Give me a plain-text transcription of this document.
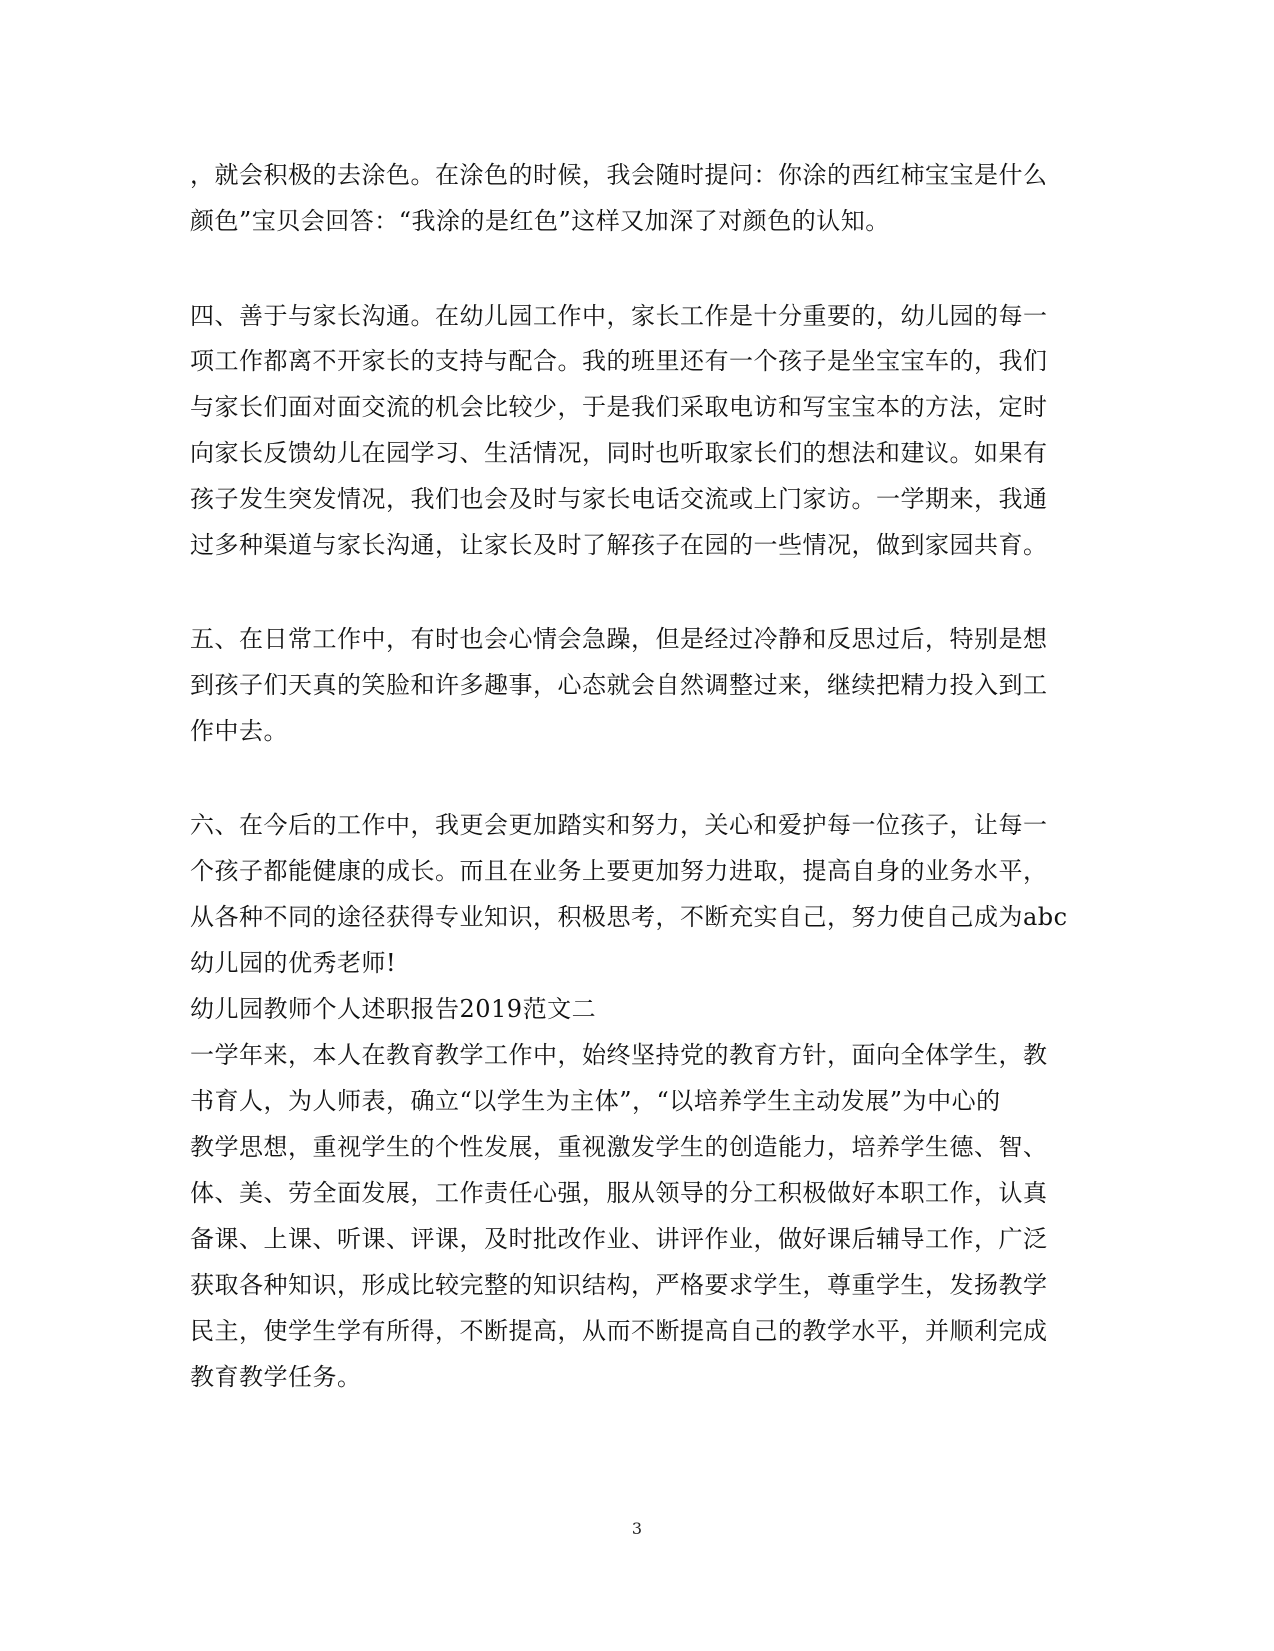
，就会积极的去涂色。在涂色的时候，我会随时提问：你涂的西红柿宝宝是什么
颜色”宝贝会回答：“我涂的是红色”这样又加深了对颜色的认知。
四、善于与家长沟通。在幼儿园工作中，家长工作是十分重要的，幼儿园的每一
项工作都离不开家长的支持与配合。我的班里还有一个孩子是坐宝宝车的，我们
与家长们面对面交流的机会比较少，于是我们采取电访和写宝宝本的方法，定时
向家长反馈幼儿在园学习、生活情况，同时也听取家长们的想法和建议。如果有
孩子发生突发情况，我们也会及时与家长电话交流或上门家访。一学期来，我通
过多种渠道与家长沟通，让家长及时了解孩子在园的一些情况，做到家园共育。
五、在日常工作中，有时也会心情会急躁，但是经过冷静和反思过后，特别是想
到孩子们天真的笑脸和许多趣事，心态就会自然调整过来，继续把精力投入到工
作中去。
六、在今后的工作中，我更会更加踏实和努力，关心和爱护每一位孩子，让每一
个孩子都能健康的成长。而且在业务上要更加努力进取，提高自身的业务水平，
从各种不同的途径获得专业知识，积极思考，不断充实自己，努力使自己成为abc
幼儿园的优秀老师!
幼儿园教师个人述职报告2019范文二
一学年来，本人在教育教学工作中，始终坚持党的教育方针，面向全体学生，教
书育人，为人师表，确立“以学生为主体”，“以培养学生主动发展”为中心的
教学思想，重视学生的个性发展，重视激发学生的创造能力，培养学生德、智、
体、美、劳全面发展，工作责任心强，服从领导的分工积极做好本职工作，认真
备课、上课、听课、评课，及时批改作业、讲评作业，做好课后辅导工作，广泛
获取各种知识，形成比较完整的知识结构，严格要求学生，尊重学生，发扬教学
民主，使学生学有所得，不断提高，从而不断提高自己的教学水平，并顺利完成
教育教学任务。
3
